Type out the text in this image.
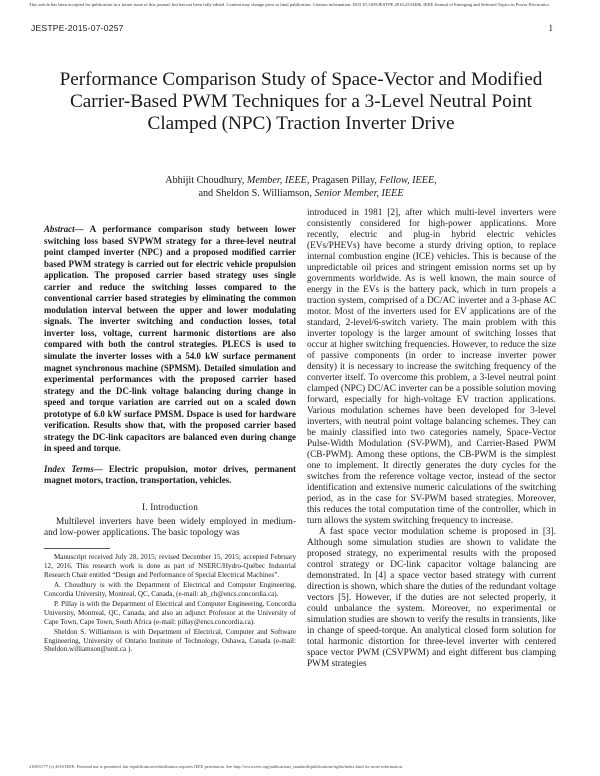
This article has been accepted for publication in a future issue of this journal, but has not been fully edited. Content may change prior to final publication. Citation information: DOI 10.1109/JESTPE.2016.2533486, IEEE Journal of Emerging and Selected Topics in Power Electronics
JESTPE-2015-07-0257	1
Performance Comparison Study of Space-Vector and Modified Carrier-Based PWM Techniques for a 3-Level Neutral Point Clamped (NPC) Traction Inverter Drive
Abhijit Choudhury, Member, IEEE, Pragasen Pillay, Fellow, IEEE,
and Sheldon S. Williamson, Senior Member, IEEE

Abstract— A performance comparison study between lower switching loss based SVPWM strategy for a three-level neutral point clamped inverter (NPC) and a proposed modified carrier based PWM strategy is carried out for electric vehicle propulsion application. The proposed carrier based strategy uses single carrier and reduce the switching losses compared to the conventional carrier based strategies by eliminating the common modulation interval between the upper and lower modulating signals. The inverter switching and conduction losses, total inverter loss, voltage, current harmonic distortions are also compared with both the control strategies. PLECS is used to simulate the inverter losses with a 54.0 kW surface permanent magnet synchronous machine (SPMSM). Detailed simulation and experimental performances with the proposed carrier based strategy and the DC-link voltage balancing during change in speed and torque variation are carried out on a scaled down prototype of 6.0 kW surface PMSM. Dspace is used for hardware verification. Results show that, with the proposed carrier based strategy the DC-link capacitors are balanced even during change in speed and torque.

Index Terms— Electric propulsion, motor drives, permanent magnet motors, traction, transportation, vehicles.

I. Introduction

Multilevel inverters have been widely employed in medium- and low-power applications. The basic topology was

Manuscript received July 28, 2015; revised December 15, 2015; accepted February 12, 2016. This research work is done as part of NSERC/Hydro-Québec Industrial Research Chair entitled “Design and Performance of Special Electrical Machines”.

A. Choudhury is with the Department of Electrical and Computer Engineering, Concordia University, Montreal, QC, Canada, (e-mail: ab_ch@encs.concordia.ca).

P. Pillay is with the Department of Electrical and Computer Engineering, Concordia University, Montreal, QC, Canada, and also an adjunct Professor at the University of Cape Town, Cape Town, South Africa (e-mail: pillay@encs.concordia.ca).

Sheldon S. Williamson is with Department of Electrical, Computer and Software Engineering, University of Ontario Institute of Technology, Oshawa, Canada (e-mail: Sheldon.williamson@uoit.ca ).

introduced in 1981 [2], after which multi-level inverters were consistently considered for high-power applications. More recently, electric and plug-in hybrid electric vehicles (EVs/PHEVs) have become a sturdy driving option, to replace internal combustion engine (ICE) vehicles. This is because of the unpredictable oil prices and stringent emission norms set up by governments worldwide. As is well known, the main source of energy in the EVs is the battery pack, which in turn propels a traction system, comprised of a DC/AC inverter and a 3-phase AC motor. Most of the inverters used for EV applications are of the standard, 2-level/6-switch variety. The main problem with this inverter topology is the larger amount of switching losses that occur at higher switching frequencies. However, to reduce the size of passive components (in order to increase inverter power density) it is necessary to increase the switching frequency of the converter itself. To overcome this problem, a 3-level neutral point clamped (NPC) DC/AC inverter can be a possible solution moving forward, especially for high-voltage EV traction applications. Various modulation schemes have been developed for 3-level inverters, with neutral point voltage balancing schemes. They can be mainly classified into two categories namely, Space-Vector Pulse-Width Modulation (SV-PWM), and Carrier-Based PWM (CB-PWM). Among these options, the CB-PWM is the simplest one to implement. It directly generates the duty cycles for the switches from the reference voltage vector, instead of the sector identification and extensive numeric calculations of the switching period, as in the case for SV-PWM based strategies. Moreover, this reduces the total computation time of the controller, which in turn allows the system switching frequency to increase.

A fast space vector modulation scheme is proposed in [3]. Although some simulation studies are shown to validate the proposed strategy, no experimental results with the proposed control strategy or DC-link capacitor voltage balancing are demonstrated. In [4] a space vector based strategy with current direction is shown, which share the duties of the redundant voltage vectors [5]. However, if the duties are not selected properly, it could unbalance the system. Moreover, no experimental or simulation studies are shown to verify the results in transients, like in change of speed-torque. An analytical closed form solution for total harmonic distortion for three-level inverter with centered space vector PWM (CSVPWM) and eight different bus clamping PWM strategies

2168-6777 (c) 2016 IEEE. Personal use is permitted, but republication/redistribution requires IEEE permission. See http://www.ieee.org/publications_standards/publications/rights/index.html for more information.
